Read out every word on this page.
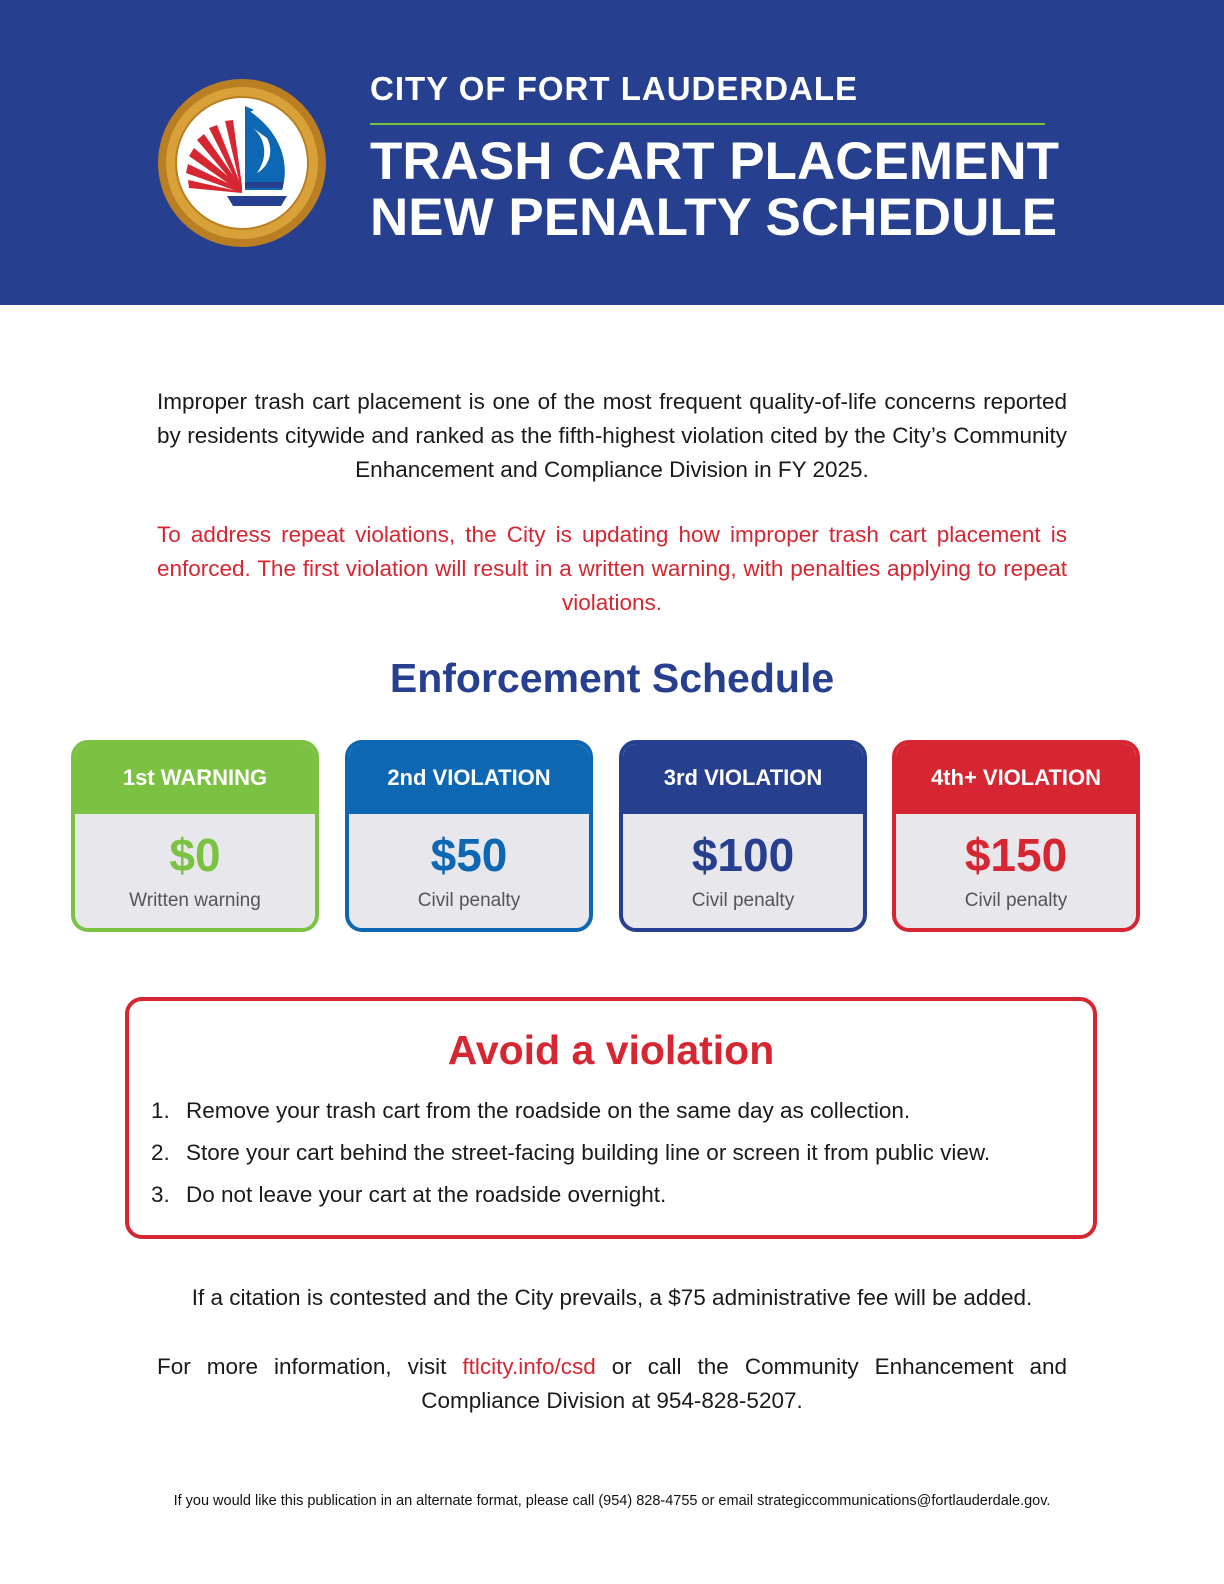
CITY OF FORT LAUDERDALE
TRASH CART PLACEMENT
NEW PENALTY SCHEDULE

Improper trash cart placement is one of the most frequent quality-of-life concerns reported by residents citywide and ranked as the fifth-highest violation cited by the City’s Community Enhancement and Compliance Division in FY 2025.

To address repeat violations, the City is updating how improper trash cart placement is enforced. The first violation will result in a written warning, with penalties applying to repeat violations.

Enforcement Schedule
1st WARNING
$0
Written warning
2nd VIOLATION
$50
Civil penalty
3rd VIOLATION
$100
Civil penalty
4th+ VIOLATION
$150
Civil penalty
Avoid a violation
1. Remove your trash cart from the roadside on the same day as collection.
2. Store your cart behind the street-facing building line or screen it from public view.
3. Do not leave your cart at the roadside overnight.
If a citation is contested and the City prevails, a $75 administrative fee will be added.

For more information, visit ftlcity.info/csd or call the Community Enhancement and Compliance Division at 954-828-5207.

If you would like this publication in an alternate format, please call (954) 828-4755 or email strategiccommunications@fortlauderdale.gov.
